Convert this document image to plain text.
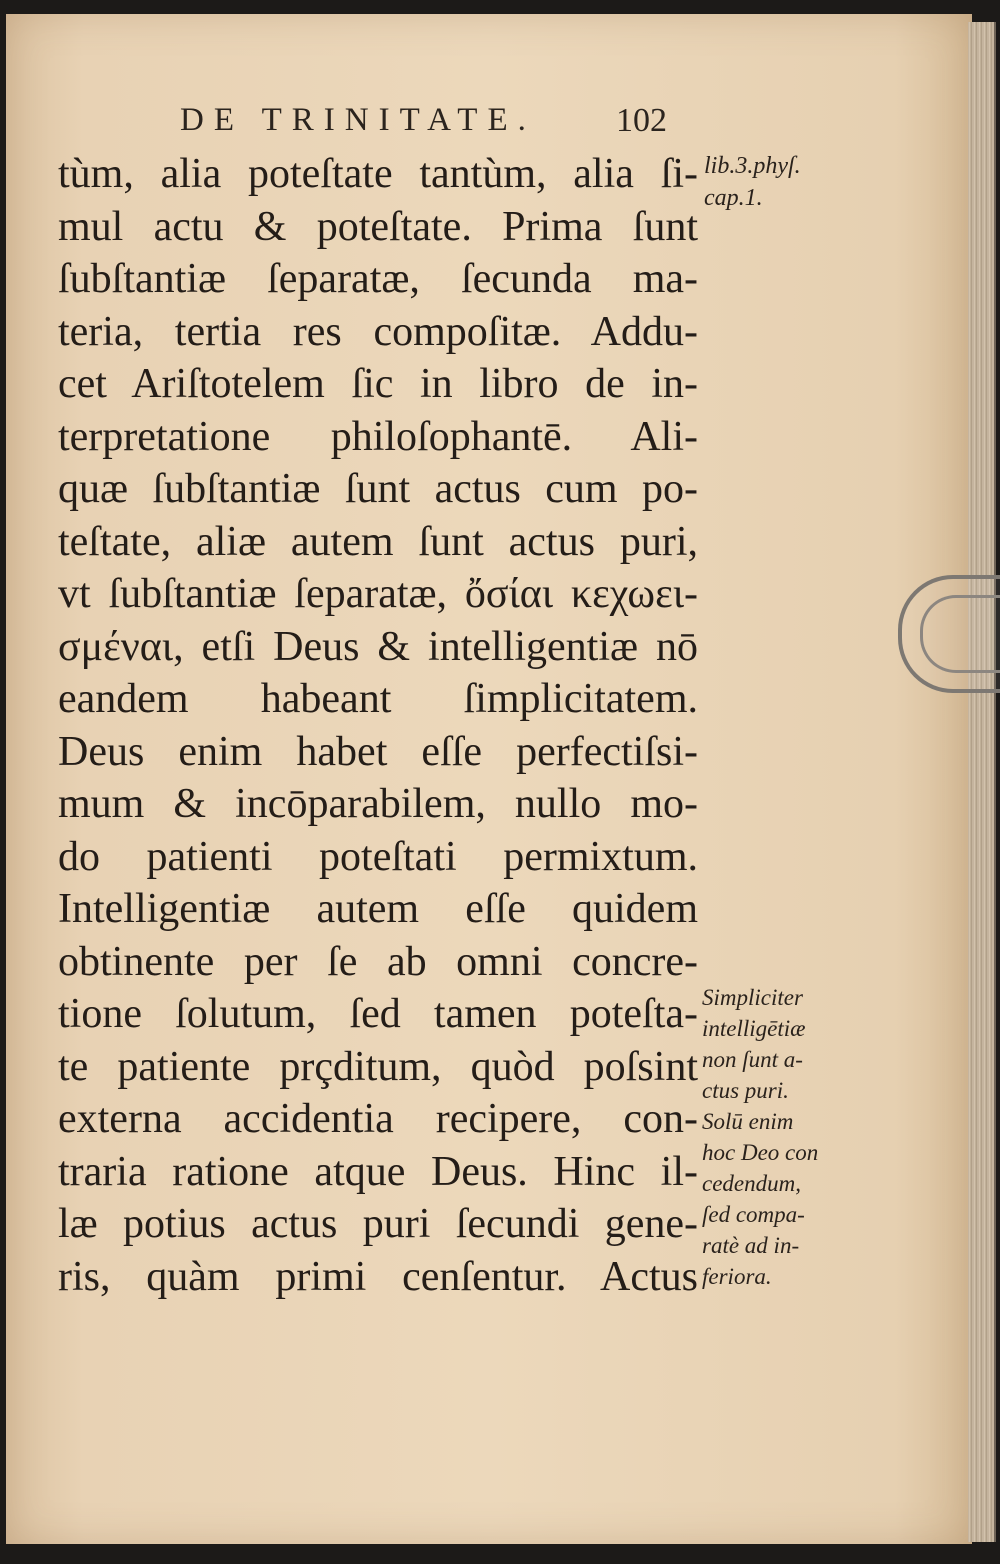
DE TRINITATE. 102
tùm, alia poteſtate tantùm, alia ſi-
mul actu & poteſtate. Prima ſunt
ſubſtantiæ ſeparatæ, ſecunda ma-
teria, tertia res compoſitæ. Addu-
cet Ariſtotelem ſic in libro de in-
terpretatione philoſophantē. Ali-
quæ ſubſtantiæ ſunt actus cum po-
teſtate, aliæ autem ſunt actus puri,
vt ſubſtantiæ ſeparatæ, ὄσίαι κεχωει-
σμέναι, etſi Deus & intelligentiæ nō
eandem habeant ſimplicitatem.
Deus enim habet eſſe perfectiſsi-
mum & incōparabilem, nullo mo-
do patienti poteſtati permixtum.
Intelligentiæ autem eſſe quidem
obtinente per ſe ab omni concre-
tione ſolutum, ſed tamen poteſta-
te patiente prçditum, quòd poſsint
externa accidentia recipere, con-
traria ratione atque Deus. Hinc il-
læ potius actus puri ſecundi gene-
ris, quàm primi cenſentur. Actus
lib.3.phyſ.
cap.1.
Simpliciter
intelligētiæ
non ſunt a-
ctus puri.
Solū enim
hoc Deo con
cedendum,
ſed compa-
ratè ad in-
feriora.
